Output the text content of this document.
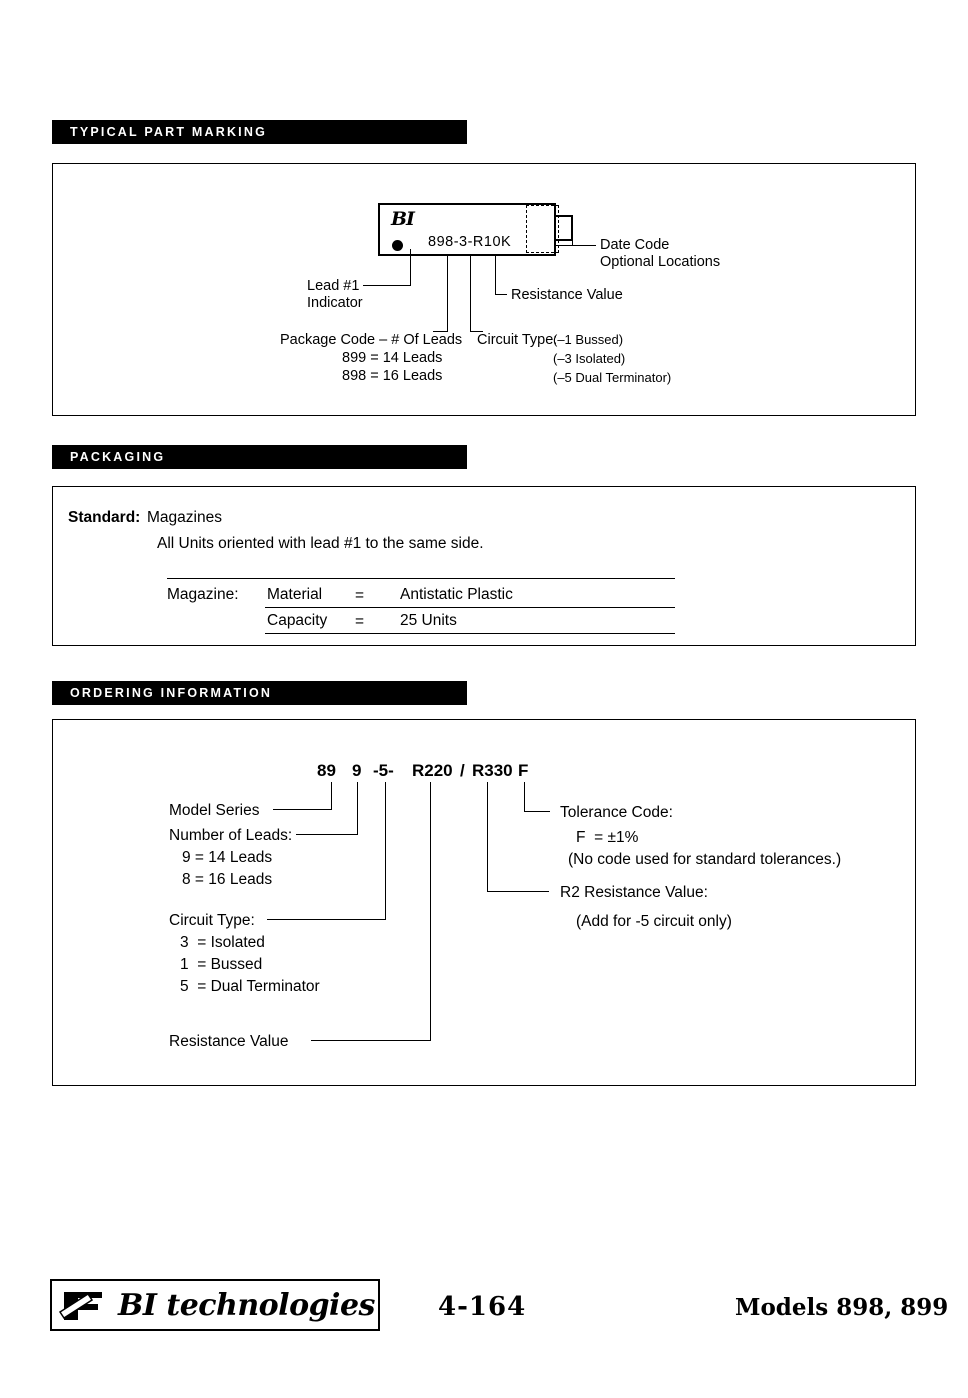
TYPICAL PART MARKING
BI
898-3-R10K	Date Code
Optional Locations
Resistance Value
Lead #1
Indicator
Package Code – # Of Leads
899 = 14 Leads
898 = 16 Leads
Circuit Type:
(–1 Bussed)
(–3 Isolated)
(–5 Dual Terminator)
PACKAGING
Standard: Magazines
All Units oriented with lead #1 to the same side.
Magazine: Material = Antistatic Plastic
Capacity = 25 Units
ORDERING INFORMATION
89 9 -5- R220 / R330 F
Model Series
Number of Leads:
9 = 14 Leads
8 = 16 Leads
Circuit Type:
3  = Isolated
1  = Bussed
5  = Dual Terminator
Resistance Value
R2 Resistance Value:
(Add for -5 circuit only)
Tolerance Code:
F  = ±1%
(No code used for standard tolerances.)
BI technologies 4-164	Models 898, 899
